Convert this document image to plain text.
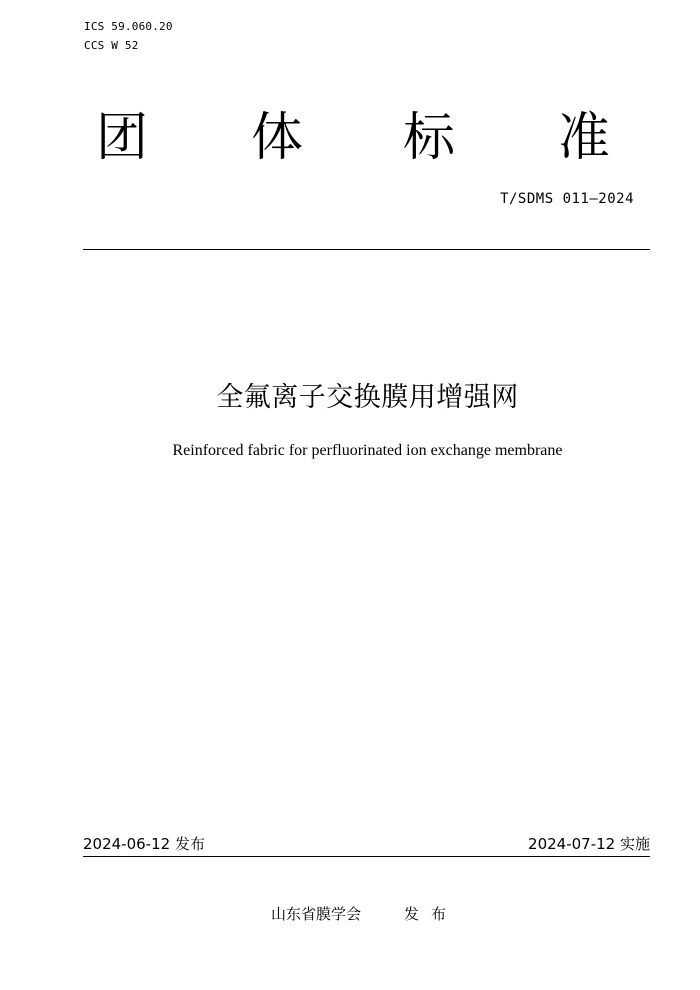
ICS 59.060.20
CCS W 52
团 体 标 准
T/SDMS 011—2024
全氟离子交换膜用增强网
Reinforced fabric for perfluorinated ion exchange membrane
2024-06-12 发布	2024-07-12 实施
山东省膜学会	发布
